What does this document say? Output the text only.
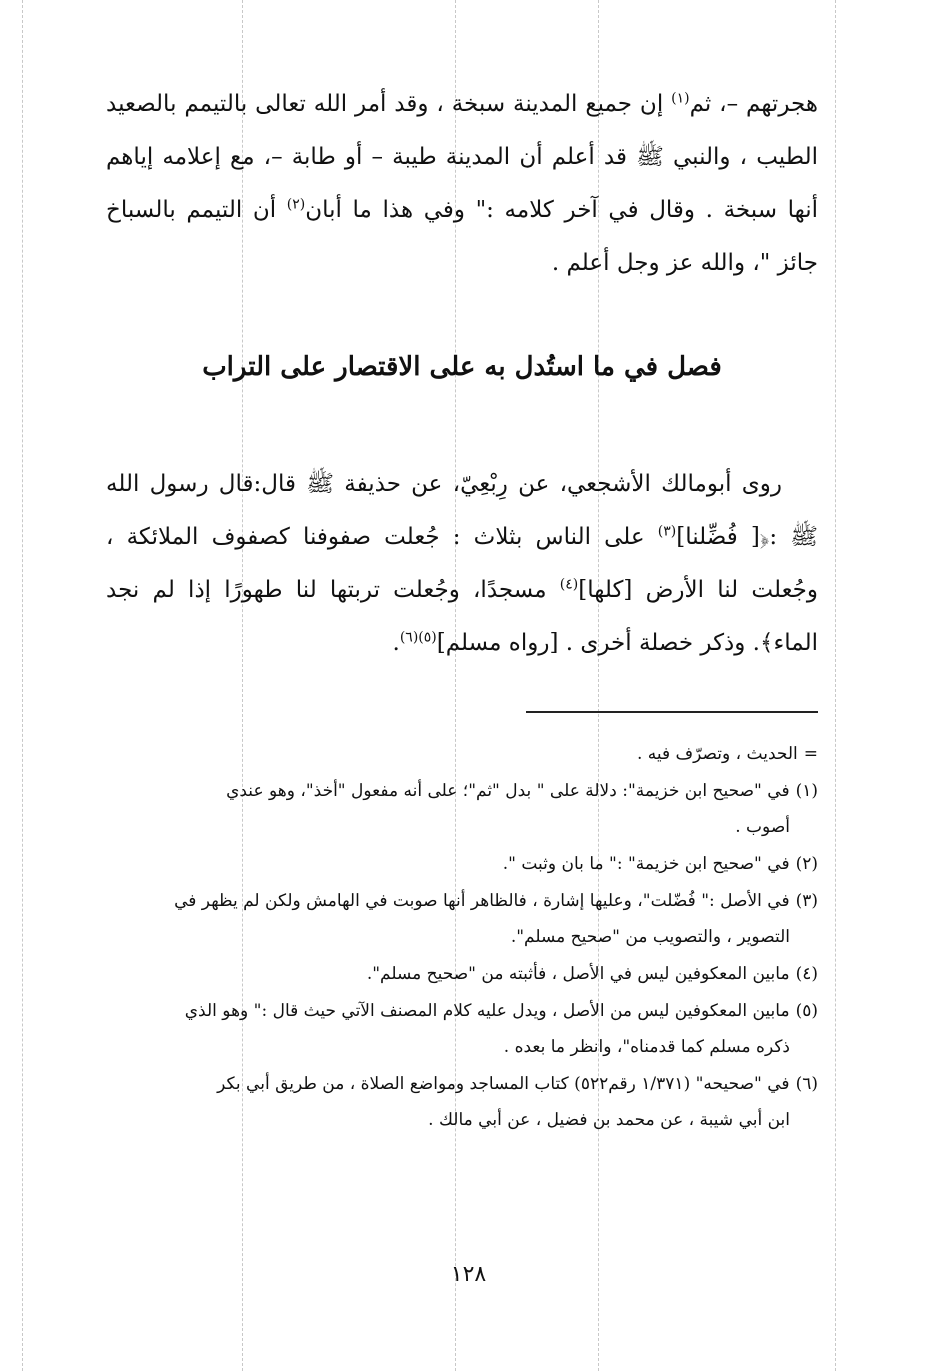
هجرتهم –، ثم$^{(١)}$ إن جميع المدينة سبخة ، وقد أمر الله تعالى بالتيمم بالصعيد الطيب ، والنبي ﷺ قد أعلم أن المدينة طيبة – أو طابة –، مع إعلامه إياهم أنها سبخة . وقال في آخر كلامه :" وفي هذا ما أبان$^{(٢)}$ أن التيمم بالسباخ جائز "، والله عز وجل أعلم .

فصل في ما استُدل به على الاقتصار على التراب

روى أبومالك الأشجعي، عن رِبْعِيّ، عن حذيفة ﷺ قال:قال رسول الله ﷺ :﴿[ فُضِّلنا]$^{(٣)}$ على الناس بثلاث : جُعلت صفوفنا كصفوف الملائكة ، وجُعلت لنا الأرض [كلها]$^{(٤)}$ مسجدًا، وجُعلت تربتها لنا طهورًا إذا لم نجد الماء﴾. وذكر خصلة أخرى . [رواه مسلم]$^{(٥)(٦)}$.

=الحديث ، وتصرّف فيه .
(١)في "صحيح ابن خزيمة": دلالة على " بدل "ثم"؛ على أنه مفعول "أخذ"، وهو عندي
أصوب .
(٢)في "صحيح ابن خزيمة" :" ما بان وثبت ".
(٣)في الأصل :" فُضّلت"، وعليها إشارة ، فالظاهر أنها صوبت في الهامش ولكن لم يظهر في
التصوير ، والتصويب من "صحيح مسلم".
(٤)مابين المعكوفين ليس في الأصل ، فأثبته من "صحيح مسلم".
(٥)مابين المعكوفين ليس من الأصل ، ويدل عليه كلام المصنف الآتي حيث قال :" وهو الذي
ذكره مسلم كما قدمناه"، وانظر ما بعده .
(٦)في "صحيحه" (١/٣٧١ رقم٥٢٢) كتاب المساجد ومواضع الصلاة ، من طريق أبي بكر
ابن أبي شيبة ، عن محمد بن فضيل ، عن أبي مالك .
١٢٨
